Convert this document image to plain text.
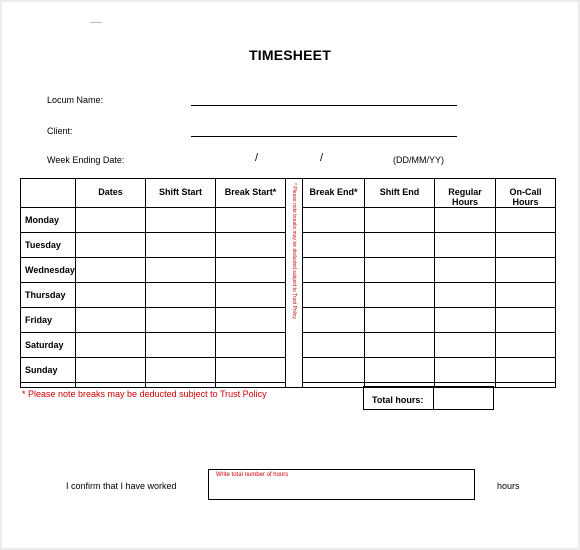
TIMESHEET
Locum Name:
Client:
Week Ending Date:	/	/	(DD/MM/YY)
	Dates	Shift Start	Break Start*	* Please note breaks may be deducted subject to Trust Policy	Break End*	Shift End	Regular Hours	On-Call Hours
Monday								
Tuesday								
Wednesday								
Thursday								
Friday								
Saturday								
Sunday								

* Please note breaks may be deducted subject to Trust Policy
Total hours:
I confirm that I have worked
Write total number of hours
hours
